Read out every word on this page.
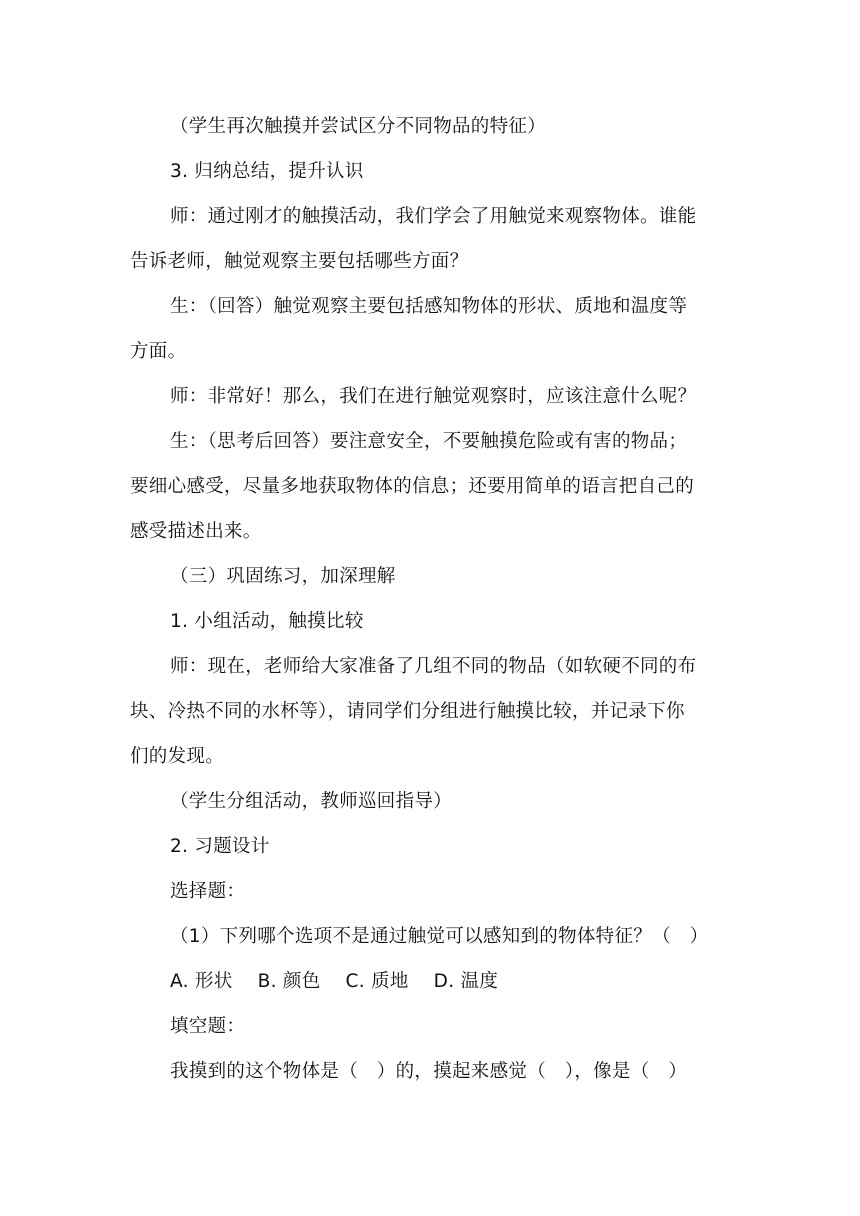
（学生再次触摸并尝试区分不同物品的特征）

3. 归纳总结，提升认识

师：通过刚才的触摸活动，我们学会了用触觉来观察物体。谁能

告诉老师，触觉观察主要包括哪些方面？

生：（回答）触觉观察主要包括感知物体的形状、质地和温度等

方面。

师：非常好！那么，我们在进行触觉观察时，应该注意什么呢？

生：（思考后回答）要注意安全，不要触摸危险或有害的物品；

要细心感受，尽量多地获取物体的信息；还要用简单的语言把自己的

感受描述出来。

（三）巩固练习，加深理解

1. 小组活动，触摸比较

师：现在，老师给大家准备了几组不同的物品（如软硬不同的布

块、冷热不同的水杯等），请同学们分组进行触摸比较，并记录下你

们的发现。

（学生分组活动，教师巡回指导）

2. 习题设计

选择题：

（1）下列哪个选项不是通过触觉可以感知到的物体特征？（　）

A. 形状　 B. 颜色　 C. 质地　 D. 温度

填空题：

我摸到的这个物体是（　）的，摸起来感觉（　），像是（　）
